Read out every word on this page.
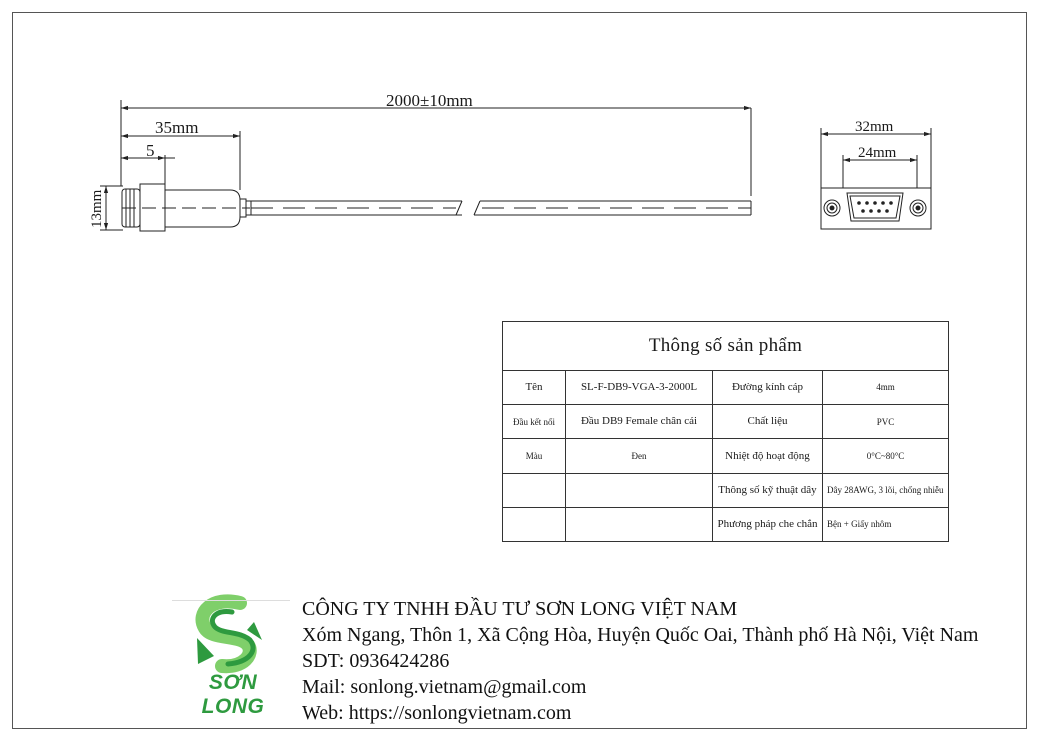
2000±10mm
35mm
5
13mm
32mm
24mm
Thông số sản phẩm			
Tên	SL-F-DB9-VGA-3-2000L	Đường kính cáp	4mm
Đầu kết nối	Đầu DB9 Female chân cái	Chất liệu	PVC
Màu	Đen	Nhiệt độ hoạt động	0°C~80°C
		Thông số kỹ thuật dây	Dây 28AWG, 3 lõi, chống nhiễu
		Phương pháp che chắn	Bện + Giấy nhôm
SƠN LONG
CÔNG TY TNHH ĐẦU TƯ SƠN LONG VIỆT NAM
Xóm Ngang, Thôn 1, Xã Cộng Hòa, Huyện Quốc Oai, Thành phố Hà Nội, Việt Nam
SDT: 0936424286
Mail: sonlong.vietnam@gmail.com
Web: https://sonlongvietnam.com
